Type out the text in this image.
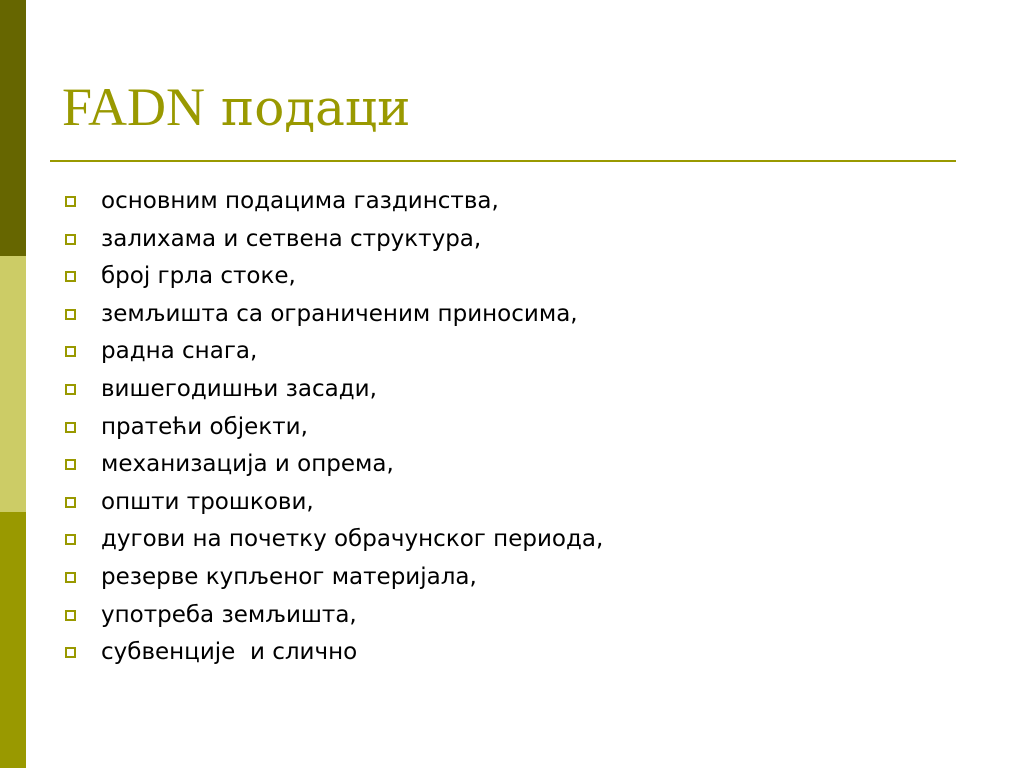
FADN подаци
основним подацима газдинства,
залихама и сетвена структура,
број грла стоке,
земљишта са ограниченим приносима,
радна снага,
вишегодишњи засади,
пратећи објекти,
механизација и опрема,
општи трошкови,
дугови на почетку обрачунског периода,
резерве купљеног материјала,
употреба земљишта,
субвенције  и слично
